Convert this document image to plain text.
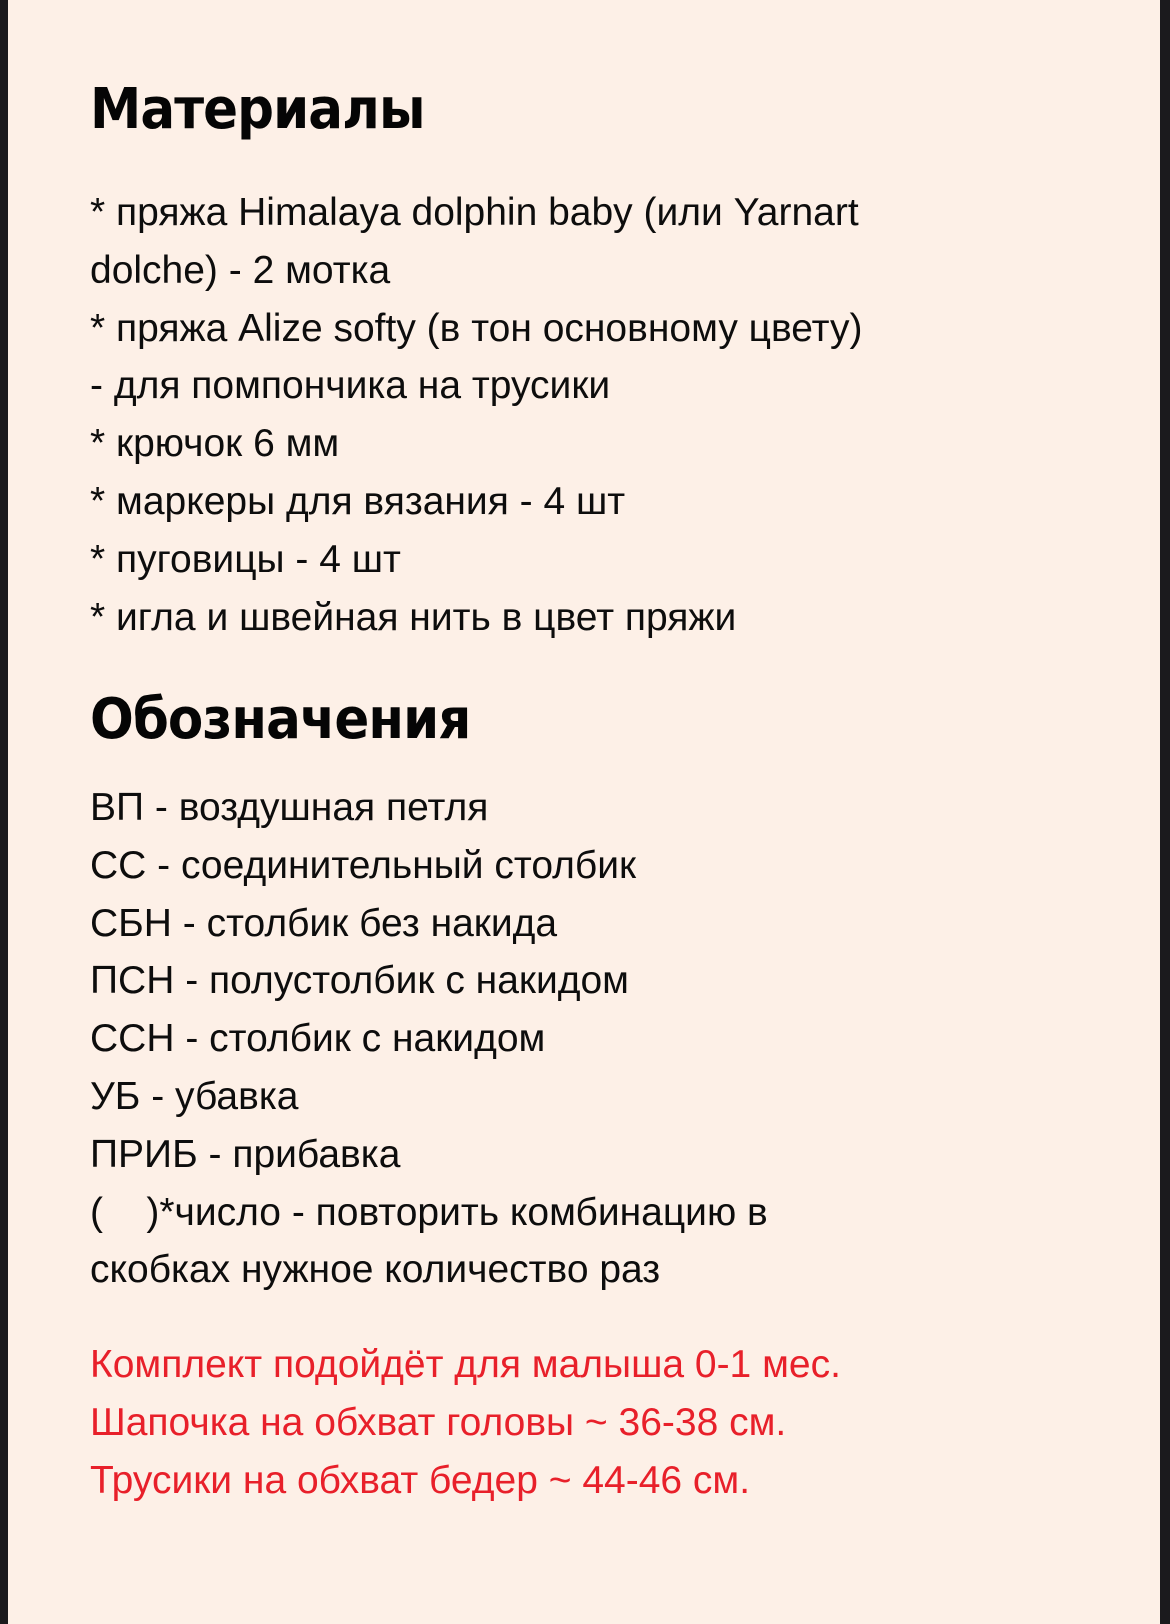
Материалы
* пряжа Himalaya dolphin baby (или Yarnart
dolche) - 2 мотка
* пряжа Alize softy (в тон основному цвету)
- для помпончика на трусики
* крючок 6 мм
* маркеры для вязания - 4 шт
* пуговицы - 4 шт
* игла и швейная нить в цвет пряжи
Обозначения
ВП - воздушная петля
СС - соединительный столбик
СБН - столбик без накида
ПСН - полустолбик с накидом
ССН - столбик с накидом
УБ - убавка
ПРИБ - прибавка
(    )*число - повторить комбинацию в
скобках нужное количество раз
Комплект подойдёт для малыша 0-1 мес.
Шапочка на обхват головы ~ 36-38 см.
Трусики на обхват бедер ~ 44-46 см.
